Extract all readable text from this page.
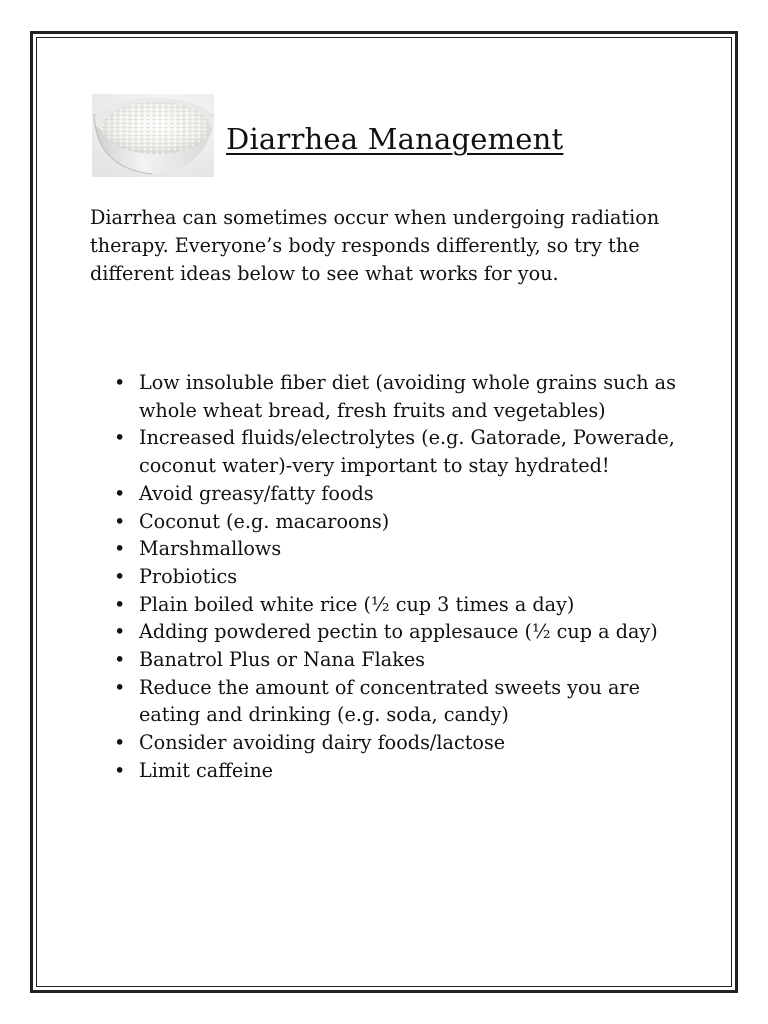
Diarrhea Management

Diarrhea can sometimes occur when undergoing radiation therapy. Everyone’s body responds differently, so try the different ideas below to see what works for you.

• Low insoluble fiber diet (avoiding whole grains such as whole wheat bread, fresh fruits and vegetables)
• Increased fluids/electrolytes (e.g. Gatorade, Powerade, coconut water)-very important to stay hydrated!
• Avoid greasy/fatty foods
• Coconut (e.g. macaroons)
• Marshmallows
• Probiotics
• Plain boiled white rice (½ cup 3 times a day)
• Adding powdered pectin to applesauce (½ cup a day)
• Banatrol Plus or Nana Flakes
• Reduce the amount of concentrated sweets you are eating and drinking (e.g. soda, candy)
• Consider avoiding dairy foods/lactose
• Limit caffeine
